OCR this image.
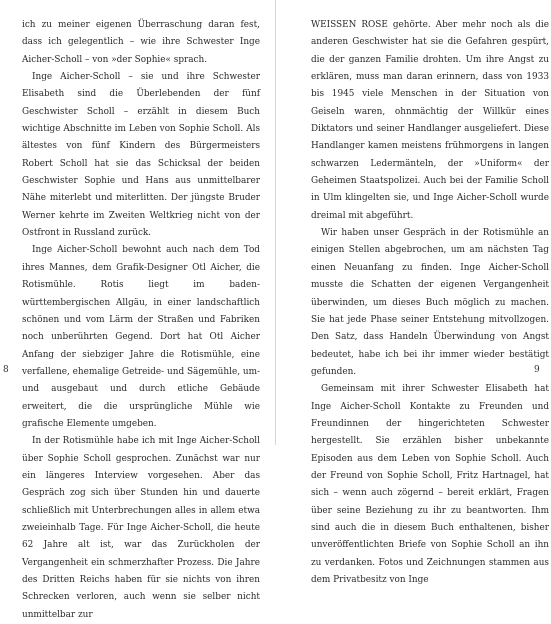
ich zu meiner eigenen Überraschung daran fest, dass ich gelegentlich – wie ihre Schwester Inge Aicher-Scholl – von »der Sophie« sprach.

Inge Aicher-Scholl – sie und ihre Schwester Elisabeth sind die Überlebenden der fünf Geschwister Scholl – erzählt in diesem Buch wichtige Abschnitte im Leben von Sophie Scholl. Als ältestes von fünf Kindern des Bürgermeisters Robert Scholl hat sie das Schicksal der beiden Geschwister Sophie und Hans aus unmittelbarer Nähe miterlebt und miterlitten. Der jüngste Bruder Werner kehrte im Zweiten Weltkrieg nicht von der Ostfront in Russland zurück.

Inge Aicher-Scholl bewohnt auch nach dem Tod ihres Mannes, dem Grafik-Designer Otl Aicher, die Rotismühle. Rotis liegt im baden-württembergischen Allgäu, in einer landschaftlich schönen und vom Lärm der Straßen und Fabriken noch unberührten Gegend. Dort hat Otl Aicher Anfang der siebziger Jahre die Rotismühle, eine verfallene, ehemalige Getreide- und Sägemühle, um- und ausgebaut und durch etliche Gebäude erweitert, die die ursprüngliche Mühle wie grafische Elemente umgeben.

In der Rotismühle habe ich mit Inge Aicher-Scholl über Sophie Scholl gesprochen. Zunächst war nur ein längeres Interview vorgesehen. Aber das Gespräch zog sich über Stunden hin und dauerte schließlich mit Unterbrechungen alles in allem etwa zweieinhalb Tage. Für Inge Aicher-Scholl, die heute 62 Jahre alt ist, war das Zurückholen der Vergangenheit ein schmerzhafter Prozess. Die Jahre des Dritten Reichs haben für sie nichts von ihren Schrecken verloren, auch wenn sie selber nicht unmittelbar zur

8

WEISSEN ROSE gehörte. Aber mehr noch als die anderen Geschwister hat sie die Gefahren gespürt, die der ganzen Familie drohten. Um ihre Angst zu erklären, muss man daran erinnern, dass von 1933 bis 1945 viele Menschen in der Situation von Geiseln waren, ohnmächtig der Willkür eines Diktators und seiner Handlanger ausgeliefert. Diese Handlanger kamen meistens frühmorgens in langen schwarzen Ledermänteln, der »Uniform« der Geheimen Staatspolizei. Auch bei der Familie Scholl in Ulm klingelten sie, und Inge Aicher-Scholl wurde dreimal mit abgeführt.

Wir haben unser Gespräch in der Rotismühle an einigen Stellen abgebrochen, um am nächsten Tag einen Neuanfang zu finden. Inge Aicher-Scholl musste die Schatten der eigenen Vergangenheit überwinden, um dieses Buch möglich zu machen. Sie hat jede Phase seiner Entstehung mitvollzogen. Den Satz, dass Handeln Überwindung von Angst bedeutet, habe ich bei ihr immer wieder bestätigt gefunden.

Gemeinsam mit ihrer Schwester Elisabeth hat Inge Aicher-Scholl Kontakte zu Freunden und Freundinnen der hingerichteten Schwester hergestellt. Sie erzählen bisher unbekannte Episoden aus dem Leben von Sophie Scholl. Auch der Freund von Sophie Scholl, Fritz Hartnagel, hat sich – wenn auch zögernd – bereit erklärt, Fragen über seine Beziehung zu ihr zu beantworten. Ihm sind auch die in diesem Buch enthaltenen, bisher unveröffentlichten Briefe von Sophie Scholl an ihn zu verdanken. Fotos und Zeichnungen stammen aus dem Privatbesitz von Inge

9
